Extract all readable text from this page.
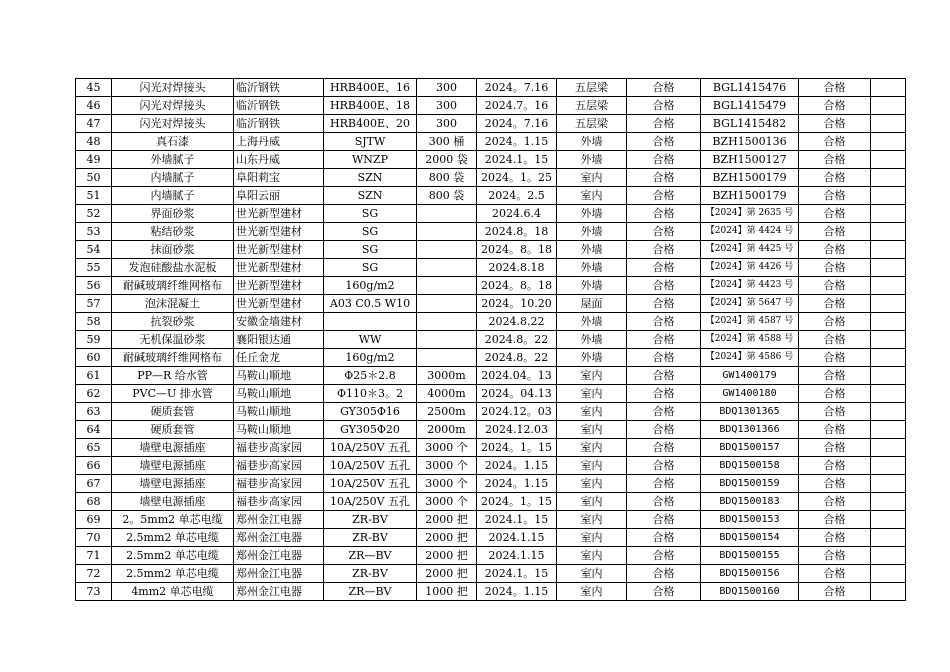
45	闪光对焊接头	临沂钢铁	HRB400E、16	300	2024。7.16	五层梁	合格	BGL1415476	合格	
46	闪光对焊接头	临沂钢铁	HRB400E、18	300	2024.7。16	五层梁	合格	BGL1415479	合格	
47	闪光对焊接头	临沂钢铁	HRB400E、20	300	2024。7.16	五层梁	合格	BGL1415482	合格	
48	真石漆	上海丹威	SJTW	300 桶	2024。1.15	外墙	合格	BZH1500136	合格	
49	外墙腻子	山东丹威	WNZP	2000 袋	2024.1。15	外墙	合格	BZH1500127	合格	
50	内墙腻子	阜阳莉宝	SZN	800 袋	2024。1。25	室内	合格	BZH1500179	合格	
51	内墙腻子	阜阳云丽	SZN	800 袋	2024。2.5	室内	合格	BZH1500179	合格	
52	界面砂浆	世光新型建材	SG		2024.6.4	外墙	合格	【2024】第 2635 号	合格	
53	粘结砂浆	世光新型建材	SG		2024.8。18	外墙	合格	【2024】第 4424 号	合格	
54	抹面砂浆	世光新型建材	SG		2024。8。18	外墙	合格	【2024】第 4425 号	合格	
55	发泡硅酸盐水泥板	世光新型建材	SG		2024.8.18	外墙	合格	【2024】第 4426 号	合格	
56	耐碱玻璃纤维网格布	世光新型建材	160g/m2		2024。8。18	外墙	合格	【2024】第 4423 号	合格	
57	泡沫混凝土	世光新型建材	A03 C0.5 W10		2024。10.20	屋面	合格	【2024】第 5647 号	合格	
58	抗裂砂浆	安徽金墙建材			2024.8.22	外墙	合格	【2024】第 4587 号	合格	
59	无机保温砂浆	襄阳银达通	WW		2024.8。22	外墙	合格	【2024】第 4588 号	合格	
60	耐碱玻璃纤维网格布	任丘金龙	160g/m2		2024.8。22	外墙	合格	【2024】第 4586 号	合格	
61	PP—R 给水管	马鞍山顺地	Φ25＊2.8	3000m	2024.04。13	室内	合格	GW1400179	合格	
62	PVC—U 排水管	马鞍山顺地	Φ110＊3。2	4000m	2024。04.13	室内	合格	GW1400180	合格	
63	硬质套管	马鞍山顺地	GY305Φ16	2500m	2024.12。03	室内	合格	BDQ1301365	合格	
64	硬质套管	马鞍山顺地	GY305Φ20	2000m	2024.12.03	室内	合格	BDQ1301366	合格	
65	墙壁电源插座	福巷步高家园	10A/250V 五孔	3000 个	2024。1。15	室内	合格	BDQ1500157	合格	
66	墙壁电源插座	福巷步高家园	10A/250V 五孔	3000 个	2024。1.15	室内	合格	BDQ1500158	合格	
67	墙壁电源插座	福巷步高家园	10A/250V 五孔	3000 个	2024。1.15	室内	合格	BDQ1500159	合格	
68	墙壁电源插座	福巷步高家园	10A/250V 五孔	3000 个	2024。1。15	室内	合格	BDQ1500183	合格	
69	2。5mm2 单芯电缆	郑州金江电器	ZR-BV	2000 把	2024.1。15	室内	合格	BDQ1500153	合格	
70	2.5mm2 单芯电缆	郑州金江电器	ZR-BV	2000 把	2024.1.15	室内	合格	BDQ1500154	合格	
71	2.5mm2 单芯电缆	郑州金江电器	ZR—BV	2000 把	2024.1.15	室内	合格	BDQ1500155	合格	
72	2.5mm2 单芯电缆	郑州金江电器	ZR-BV	2000 把	2024.1。15	室内	合格	BDQ1500156	合格	
73	4mm2 单芯电缆	郑州金江电器	ZR—BV	1000 把	2024。1.15	室内	合格	BDQ1500160	合格	
